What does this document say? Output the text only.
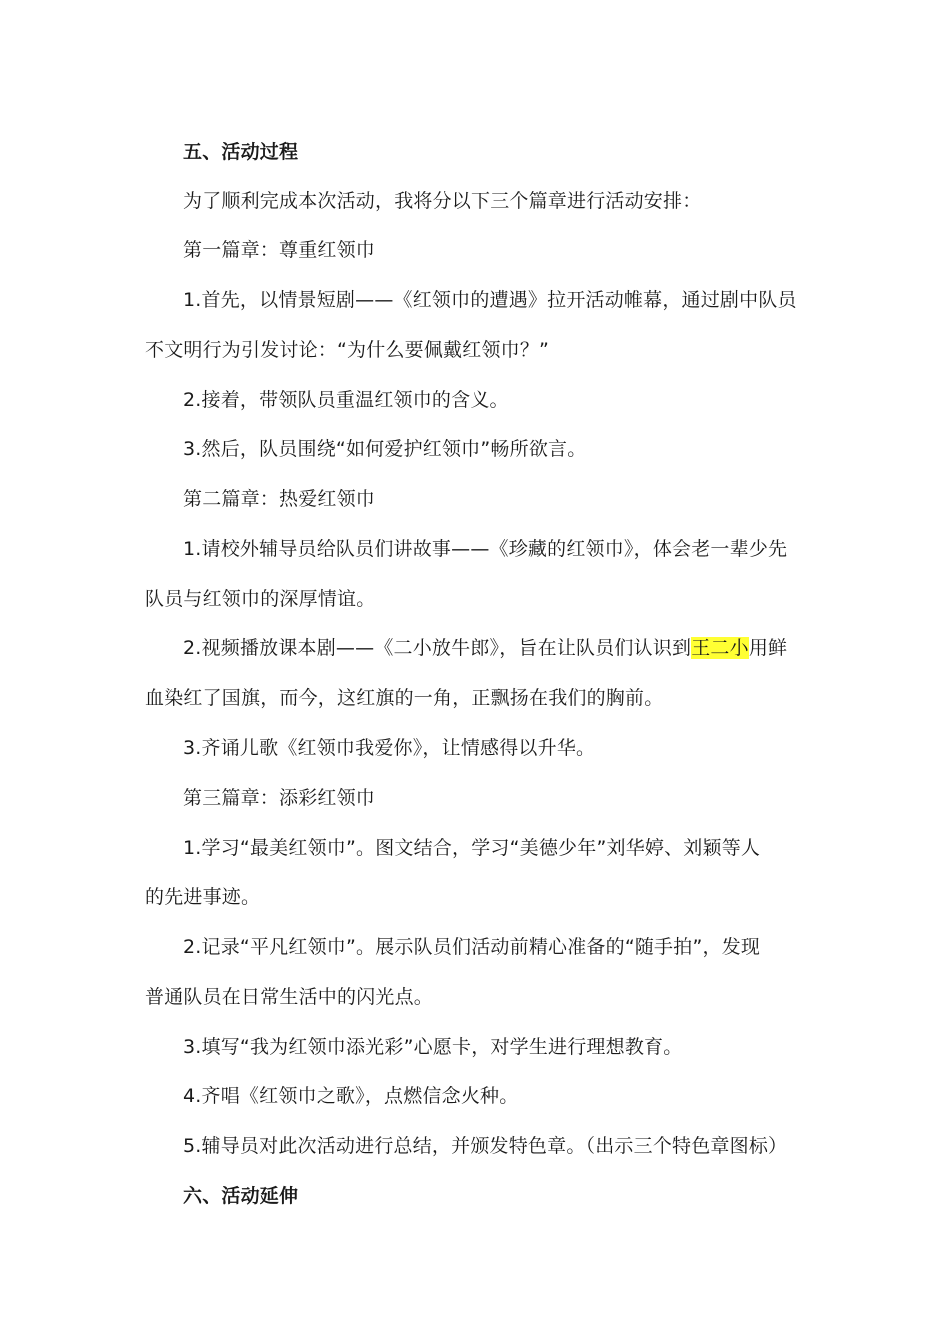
五、活动过程
为了顺利完成本次活动，我将分以下三个篇章进行活动安排：
第一篇章：尊重红领巾
1.首先，以情景短剧——《红领巾的遭遇》拉开活动帷幕，通过剧中队员
不文明行为引发讨论：“为什么要佩戴红领巾？”
2.接着，带领队员重温红领巾的含义。
3.然后，队员围绕“如何爱护红领巾”畅所欲言。
第二篇章：热爱红领巾
1.请校外辅导员给队员们讲故事——《珍藏的红领巾》，体会老一辈少先
队员与红领巾的深厚情谊。
2.视频播放课本剧——《二小放牛郎》，旨在让队员们认识到王二小用鲜
血染红了国旗，而今，这红旗的一角，正飘扬在我们的胸前。
3.齐诵儿歌《红领巾我爱你》，让情感得以升华。
第三篇章：添彩红领巾
1.学习“最美红领巾”。图文结合，学习“美德少年”刘华婷、刘颖等人
的先进事迹。
2.记录“平凡红领巾”。展示队员们活动前精心准备的“随手拍”，发现
普通队员在日常生活中的闪光点。
3.填写“我为红领巾添光彩”心愿卡，对学生进行理想教育。
4.齐唱《红领巾之歌》，点燃信念火种。
5.辅导员对此次活动进行总结，并颁发特色章。（出示三个特色章图标）
六、活动延伸
